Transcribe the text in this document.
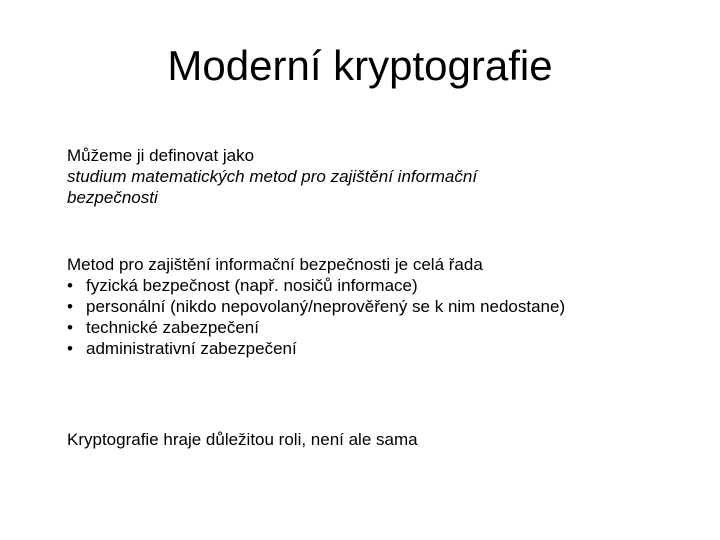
Moderní kryptografie
Můžeme ji definovat jako
studium matematických metod pro zajištění informační
bezpečnosti
Metod pro zajištění informační bezpečnosti je celá řada
• fyzická bezpečnost (např. nosičů informace)
• personální (nikdo nepovolaný/neprověřený se k nim nedostane)
• technické zabezpečení
• administrativní zabezpečení
Kryptografie hraje důležitou roli, není ale sama
